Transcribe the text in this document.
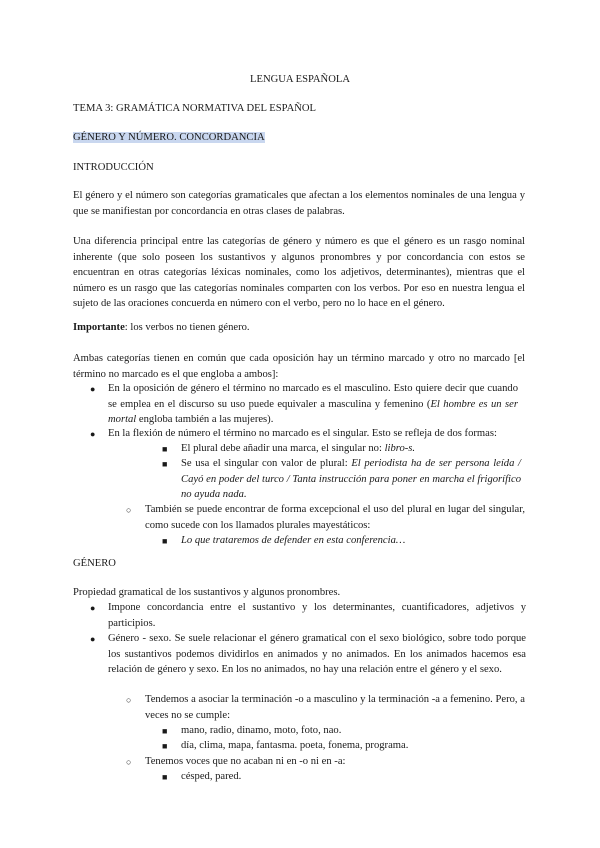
LENGUA ESPAÑOLA
TEMA 3: GRAMÁTICA NORMATIVA DEL ESPAÑOL
GÉNERO Y NÚMERO. CONCORDANCIA
INTRODUCCIÓN
El género y el número son categorías gramaticales que afectan a los elementos nominales de una lengua y que se manifiestan por concordancia en otras clases de palabras.
Una diferencia principal entre las categorías de género y número es que el género es un rasgo nominal inherente (que solo poseen los sustantivos y algunos pronombres y por concordancia con estos se encuentran en otras categorías léxicas nominales, como los adjetivos, determinantes), mientras que el número es un rasgo que las categorías nominales comparten con los verbos. Por eso en nuestra lengua el sujeto de las oraciones concuerda en número con el verbo, pero no lo hace en el género.
Importante: los verbos no tienen género.
Ambas categorías tienen en común que cada oposición hay un término marcado y otro no marcado [el término no marcado es el que engloba a ambos]:
● En la oposición de género el término no marcado es el masculino. Esto quiere decir que cuando se emplea en el discurso su uso puede equivaler a masculina y femenino (El hombre es un ser mortal engloba también a las mujeres).
● En la flexión de número el término no marcado es el singular. Esto se refleja de dos formas:
■ El plural debe añadir una marca, el singular no: libro-s.
■ Se usa el singular con valor de plural: El periodista ha de ser persona leída / Cayó en poder del turco / Tanta instrucción para poner en marcha el frigorífico no ayuda nada.
○ También se puede encontrar de forma excepcional el uso del plural en lugar del singular, como sucede con los llamados plurales mayestáticos:
■ Lo que trataremos de defender en esta conferencia…
GÉNERO
Propiedad gramatical de los sustantivos y algunos pronombres.
● Impone concordancia entre el sustantivo y los determinantes, cuantificadores, adjetivos y participios.
● Género - sexo. Se suele relacionar el género gramatical con el sexo biológico, sobre todo porque los sustantivos podemos dividirlos en animados y no animados. En los animados hacemos esa relación de género y sexo. En los no animados, no hay una relación entre el género y el sexo.
○ Tendemos a asociar la terminación -o a masculino y la terminación -a a femenino. Pero, a veces no se cumple:
■ mano, radio, dinamo, moto, foto, nao.
■ día, clima, mapa, fantasma. poeta, fonema, programa.
○ Tenemos voces que no acaban ni en -o ni en -a:
■ césped, pared.
